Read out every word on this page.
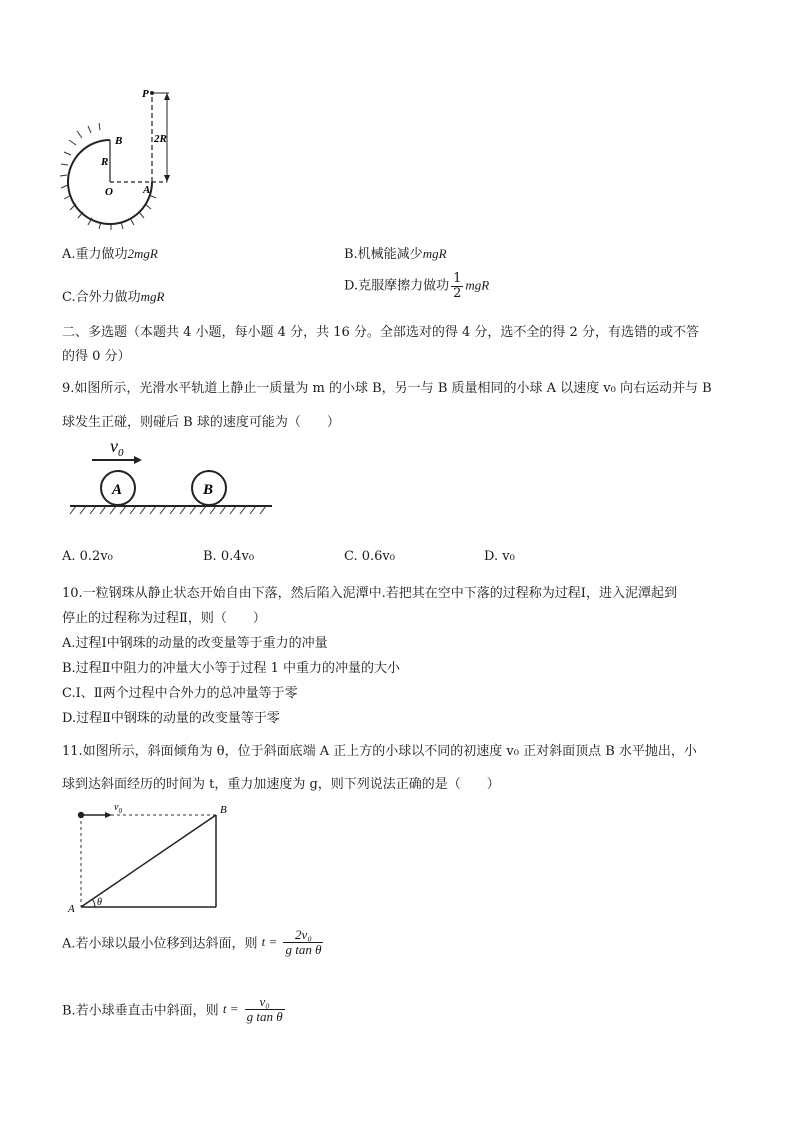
P
B
R
2R
O	A
A.重力做功2mgR	B.机械能减少mgR
C.合外力做功mgR
D.克服摩擦力做功 $\frac{1}{2}$ mgR
二、多选题（本题共 4 小题，每小题 4 分，共 16 分。全部选对的得 4 分，选不全的得 2 分，有选错的或不答
的得 0 分）
9.如图所示，光滑水平轨道上静止一质量为 m 的小球 B，另一与 B 质量相同的小球 A 以速度 v₀ 向右运动并与 B
球发生正碰，则碰后 B 球的速度可能为（　　）
$v_0$
A	B
A. 0.2v₀	B. 0.4v₀	C. 0.6v₀	D. v₀
10.一粒钢珠从静止状态开始自由下落，然后陷入泥潭中.若把其在空中下落的过程称为过程Ⅰ，进入泥潭起到
停止的过程称为过程Ⅱ，则（　　）
A.过程Ⅰ中钢珠的动量的改变量等于重力的冲量
B.过程Ⅱ中阻力的冲量大小等于过程 1 中重力的冲量的大小
C.Ⅰ、Ⅱ两个过程中合外力的总冲量等于零
D.过程Ⅱ中钢珠的动量的改变量等于零
11.如图所示，斜面倾角为 θ，位于斜面底端 A 正上方的小球以不同的初速度 v₀ 正对斜面顶点 B 水平抛出，小
球到达斜面经历的时间为 t，重力加速度为 g，则下列说法正确的是（　　）
$v_0$
θ
B
A
A.若小球以最小位移到达斜面，则 $t = \frac{\text{2v₀}}{\text{g tan θ}}$
B.若小球垂直击中斜面，则 $t = \frac{\text{v₀}}{\text{g tan θ}}$
